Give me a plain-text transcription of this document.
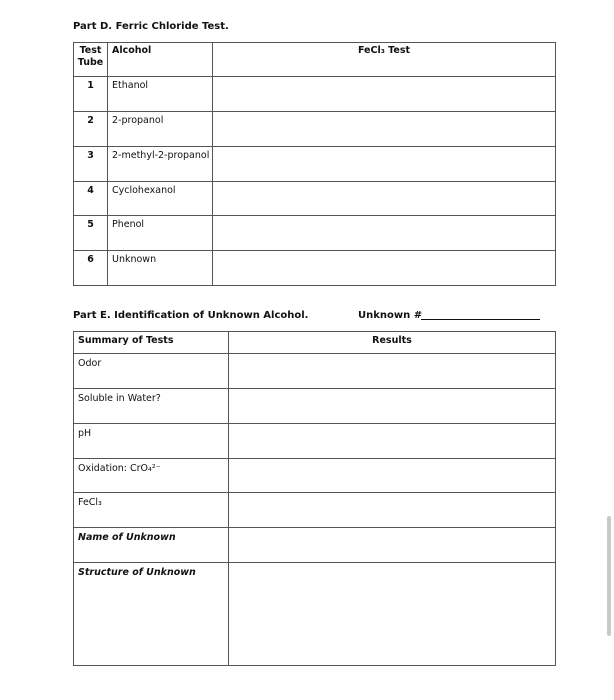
Part D. Ferric Chloride Test.
Test Tube	Alcohol	FeCl₃ Test
1	Ethanol	
2	2-propanol	
3	2-methyl-2-propanol	
4	Cyclohexanol	
5	Phenol	
6	Unknown	
Part E. Identification of Unknown Alcohol.	Unknown #
Summary of Tests	Results
Odor	
Soluble in Water?	
pH	
Oxidation: CrO₄²⁻	
FeCl₃	
Name of Unknown	
Structure of Unknown	
